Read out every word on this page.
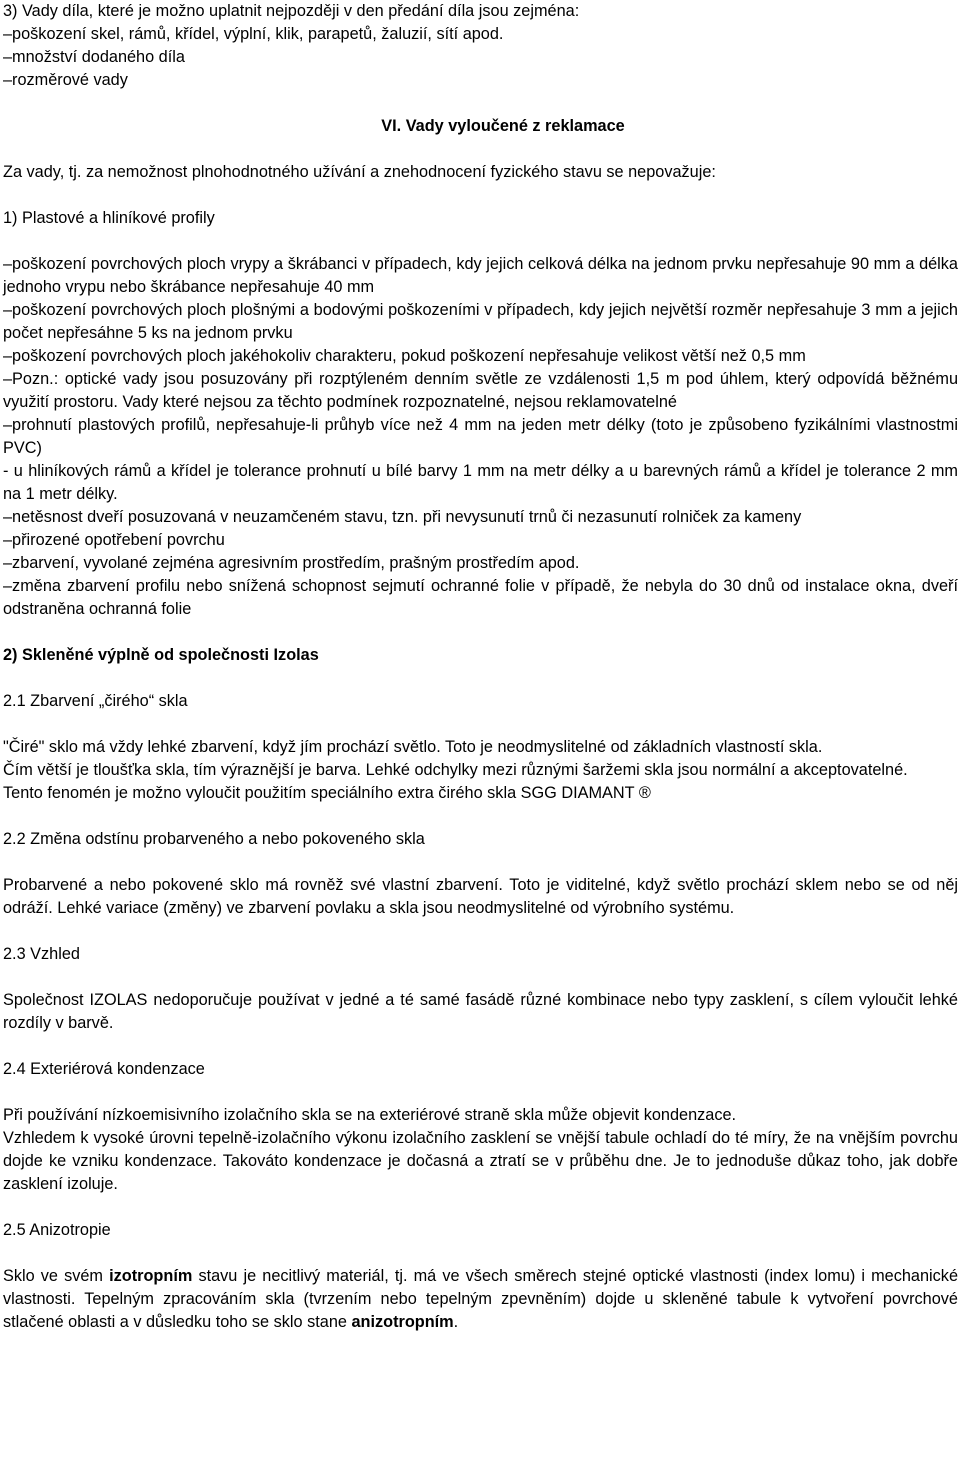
3) Vady díla, které je možno uplatnit nejpozději v den předání díla jsou zejména:

–poškození skel, rámů, křídel, výplní, klik, parapetů, žaluzií, sítí apod.

–množství dodaného díla

–rozměrové vady

VI. Vady vyloučené z reklamace

Za vady, tj. za nemožnost plnohodnotného užívání a znehodnocení fyzického stavu se nepovažuje:

1) Plastové a hliníkové profily

–poškození povrchových ploch vrypy a škrábanci v případech, kdy jejich celková délka na jednom prvku nepřesahuje 90 mm a délka jednoho vrypu nebo škrábance nepřesahuje 40 mm

–poškození povrchových ploch plošnými a bodovými poškozeními v případech, kdy jejich největší rozměr nepřesahuje 3 mm a jejich počet nepřesáhne 5 ks na jednom prvku

–poškození povrchových ploch jakéhokoliv charakteru, pokud poškození nepřesahuje velikost větší než 0,5 mm

–Pozn.: optické vady jsou posuzovány při rozptýleném denním světle ze vzdálenosti 1,5 m pod úhlem, který odpovídá běžnému využití prostoru. Vady které nejsou za těchto podmínek rozpoznatelné, nejsou reklamovatelné

–prohnutí plastových profilů, nepřesahuje-li průhyb více než 4 mm na jeden metr délky (toto je způsobeno fyzikálními vlastnostmi PVC)

- u hliníkových rámů a křídel je tolerance prohnutí u bílé barvy 1 mm na metr délky a u barevných rámů a křídel je tolerance 2 mm na 1 metr délky.

–netěsnost dveří posuzovaná v neuzamčeném stavu, tzn. při nevysunutí trnů či nezasunutí rolniček za kameny

–přirozené opotřebení povrchu

–zbarvení, vyvolané zejména agresivním prostředím, prašným prostředím apod.

–změna zbarvení profilu nebo snížená schopnost sejmutí ochranné folie v případě, že nebyla do 30 dnů od instalace okna, dveří odstraněna ochranná folie

2) Skleněné výplně od společnosti Izolas

2.1 Zbarvení „čirého“ skla

"Čiré" sklo má vždy lehké zbarvení, když jím prochází světlo. Toto je neodmyslitelné od základních vlastností skla.

Čím větší je tloušťka skla, tím výraznější je barva. Lehké odchylky mezi různými šaržemi skla jsou normální a akceptovatelné.

Tento fenomén je možno vyloučit použitím speciálního extra čirého skla SGG DIAMANT ®

2.2 Změna odstínu probarveného a nebo pokoveného skla

Probarvené a nebo pokovené sklo má rovněž své vlastní zbarvení. Toto je viditelné, když světlo prochází sklem nebo se od něj odráží. Lehké variace (změny) ve zbarvení povlaku a skla jsou neodmyslitelné od výrobního systému.

2.3 Vzhled

Společnost IZOLAS nedoporučuje používat v jedné a té samé fasádě různé kombinace nebo typy zasklení, s cílem vyloučit lehké rozdíly v barvě.

2.4 Exteriérová kondenzace

Při používání nízkoemisivního izolačního skla se na exteriérové straně skla může objevit kondenzace.

Vzhledem k vysoké úrovni tepelně-izolačního výkonu izolačního zasklení se vnější tabule ochladí do té míry, že na vnějším povrchu dojde ke vzniku kondenzace. Takováto kondenzace je dočasná a ztratí se v průběhu dne. Je to jednoduše důkaz toho, jak dobře zasklení izoluje.

2.5 Anizotropie

Sklo ve svém izotropním stavu je necitlivý materiál, tj. má ve všech směrech stejné optické vlastnosti (index lomu) i mechanické vlastnosti. Tepelným zpracováním skla (tvrzením nebo tepelným zpevněním) dojde u skleněné tabule k vytvoření povrchové stlačené oblasti a v důsledku toho se sklo stane anizotropním.
